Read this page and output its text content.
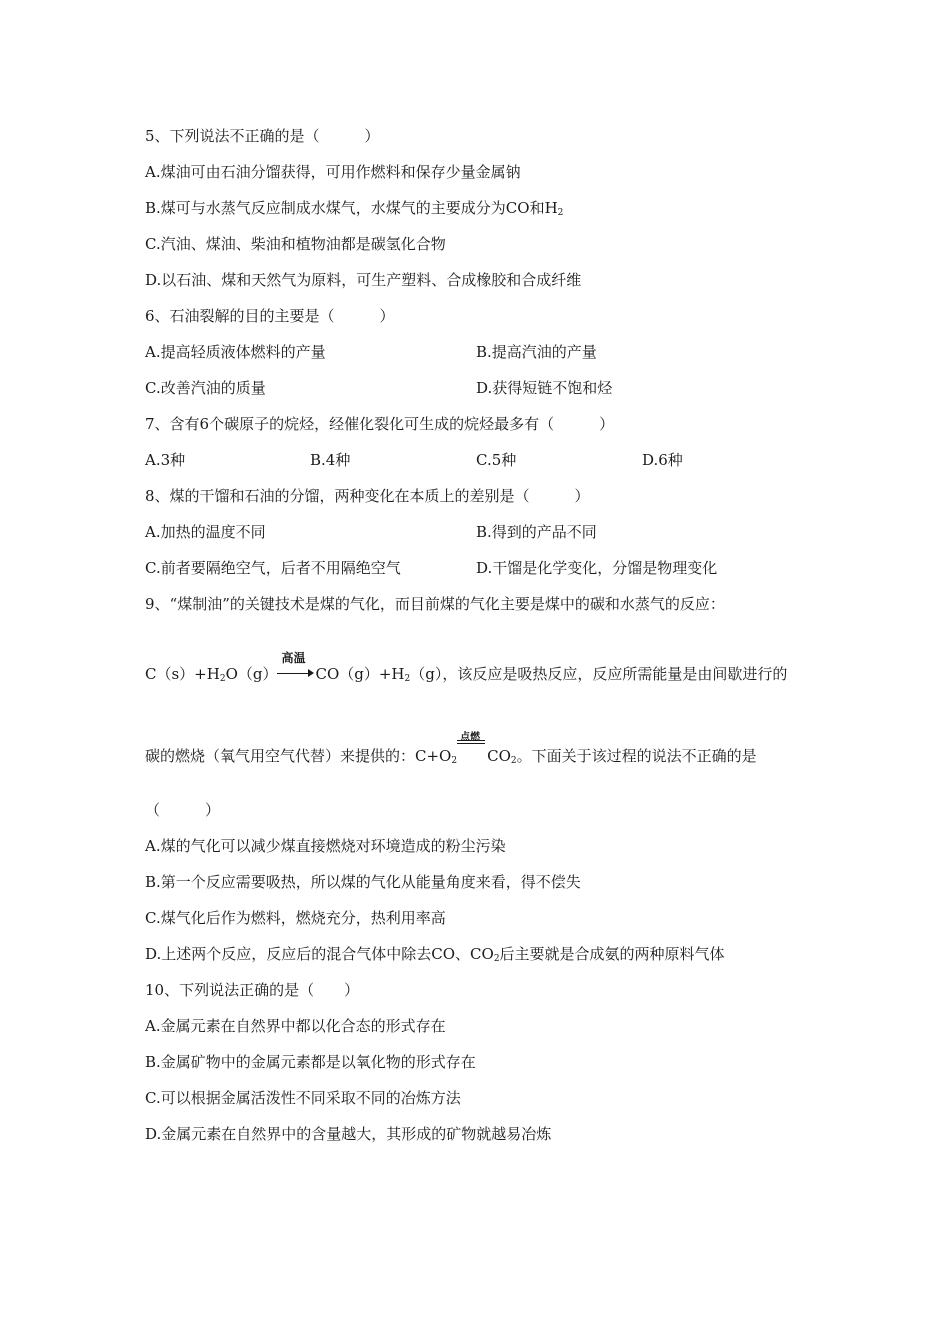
5、下列说法不正确的是（　　　）
A.煤油可由石油分馏获得，可用作燃料和保存少量金属钠
B.煤可与水蒸气反应制成水煤气，水煤气的主要成分为CO和$H_2$
C.汽油、煤油、柴油和植物油都是碳氢化合物
D.以石油、煤和天然气为原料，可生产塑料、合成橡胶和合成纤维
6、石油裂解的目的主要是（　　　）
A.提高轻质液体燃料的产量	B.提高汽油的产量
C.改善汽油的质量	D.获得短链不饱和烃
7、含有6个碳原子的烷烃，经催化裂化可生成的烷烃最多有（　　　）
A.3种	B.4种	C.5种	D.6种
8、煤的干馏和石油的分馏，两种变化在本质上的差别是（　　　）
A.加热的温度不同	B.得到的产品不同
C.前者要隔绝空气，后者不用隔绝空气	D.干馏是化学变化，分馏是物理变化
9、“煤制油”的关键技术是煤的气化，而目前煤的气化主要是煤中的碳和水蒸气的反应：
$C(s)+H_2O(g)$
高温
$CO(g)+H_2(g)$，该反应是吸热反应，反应所需能量是由间歇进行的
碳的燃烧（氧气用空气代替）来提供的：$C+O_2$
点燃
$CO_2$。下面关于该过程的说法不正确的是
（　　　）
A.煤的气化可以减少煤直接燃烧对环境造成的粉尘污染
B.第一个反应需要吸热，所以煤的气化从能量角度来看，得不偿失
C.煤气化后作为燃料，燃烧充分，热利用率高
D.上述两个反应，反应后的混合气体中除去CO、$CO_2$后主要就是合成氨的两种原料气体
10、下列说法正确的是（　　）
A.金属元素在自然界中都以化合态的形式存在
B.金属矿物中的金属元素都是以氧化物的形式存在
C.可以根据金属活泼性不同采取不同的冶炼方法
D.金属元素在自然界中的含量越大，其形成的矿物就越易冶炼
